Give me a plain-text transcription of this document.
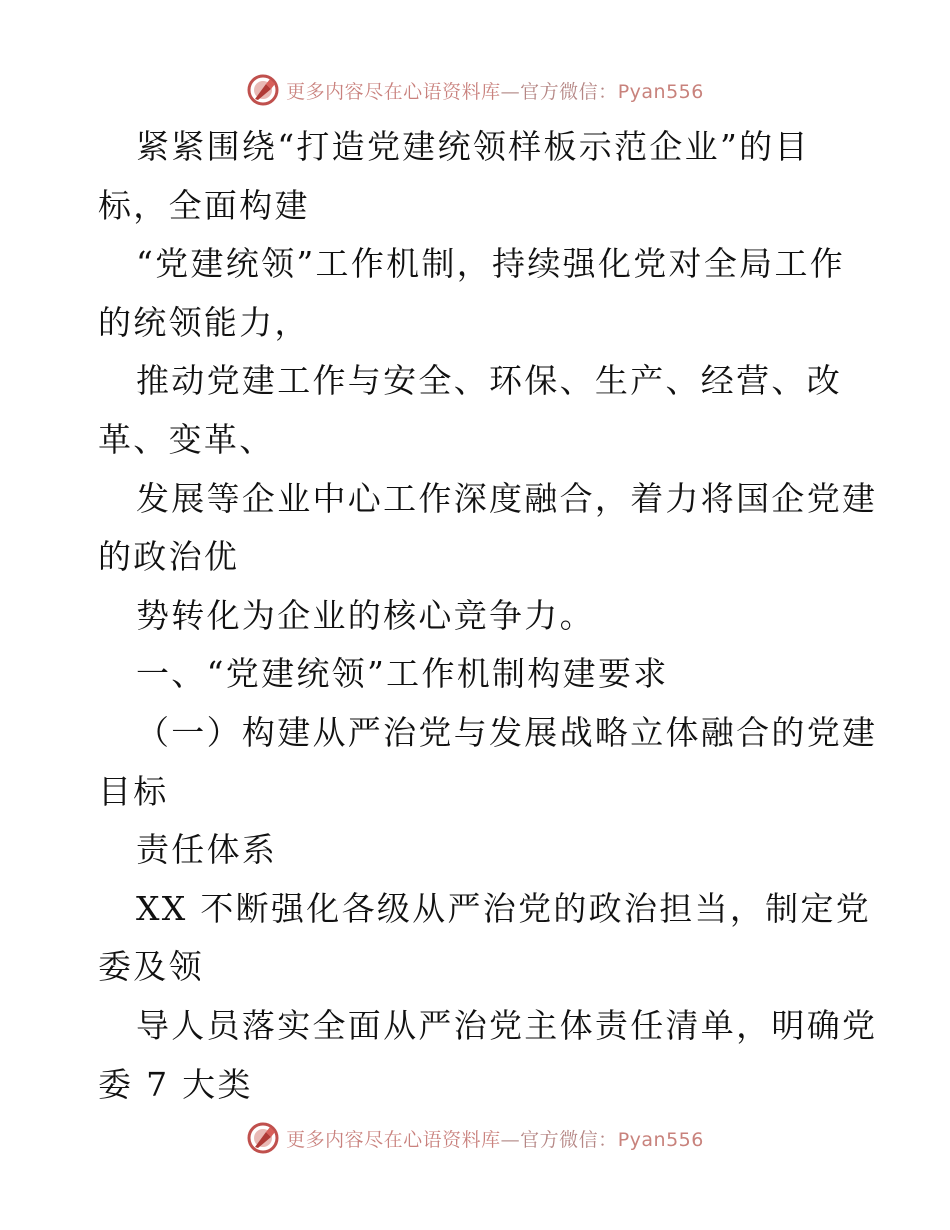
更多内容尽在心语资料库—官方微信：Pyan556
紧紧围绕“打造党建统领样板示范企业”的目
标，全面构建
“党建统领”工作机制，持续强化党对全局工作
的统领能力，
推动党建工作与安全、环保、生产、经营、改
革、变革、
发展等企业中心工作深度融合，着力将国企党建
的政治优
势转化为企业的核心竞争力。
一、“党建统领”工作机制构建要求
（一）构建从严治党与发展战略立体融合的党建
目标
责任体系
XX 不断强化各级从严治党的政治担当，制定党
委及领
导人员落实全面从严治党主体责任清单，明确党
委 7 大类
更多内容尽在心语资料库—官方微信：Pyan556
